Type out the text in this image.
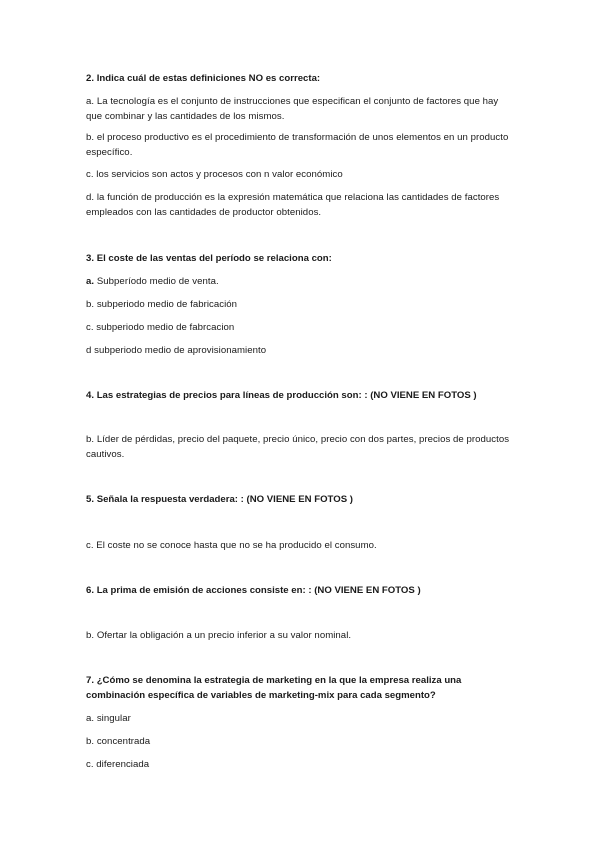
2. Indica cuál de estas definiciones NO es correcta:

a. La tecnología es el conjunto de instrucciones que especifican el conjunto de factores que hay que combinar y las cantidades de los mismos.

b. el proceso productivo es el procedimiento de transformación de unos elementos en un producto específico.

c. los servicios son actos y procesos con n valor económico

d. la función de producción es la expresión matemática que relaciona las cantidades de factores empleados con las cantidades de productor obtenidos.

3. El coste de las ventas del período se relaciona con:

a. Subperíodo medio de venta.

b. subperiodo medio de fabricación

c. subperiodo medio de fabrcacion

d subperiodo medio de aprovisionamiento

4. Las estrategias de precios para líneas de producción son: : (NO VIENE EN FOTOS )

b. Líder de pérdidas, precio del paquete, precio único, precio con dos partes, precios de productos cautivos.

5. Señala la respuesta verdadera: : (NO VIENE EN FOTOS )

c. El coste no se conoce hasta que no se ha producido el consumo.

6. La prima de emisión de acciones consiste en: : (NO VIENE EN FOTOS )

b. Ofertar la obligación a un precio inferior a su valor nominal.

7. ¿Cómo se denomina la estrategia de marketing en la que la empresa realiza una combinación específica de variables de marketing-mix para cada segmento?

a. singular

b. concentrada

c. diferenciada
